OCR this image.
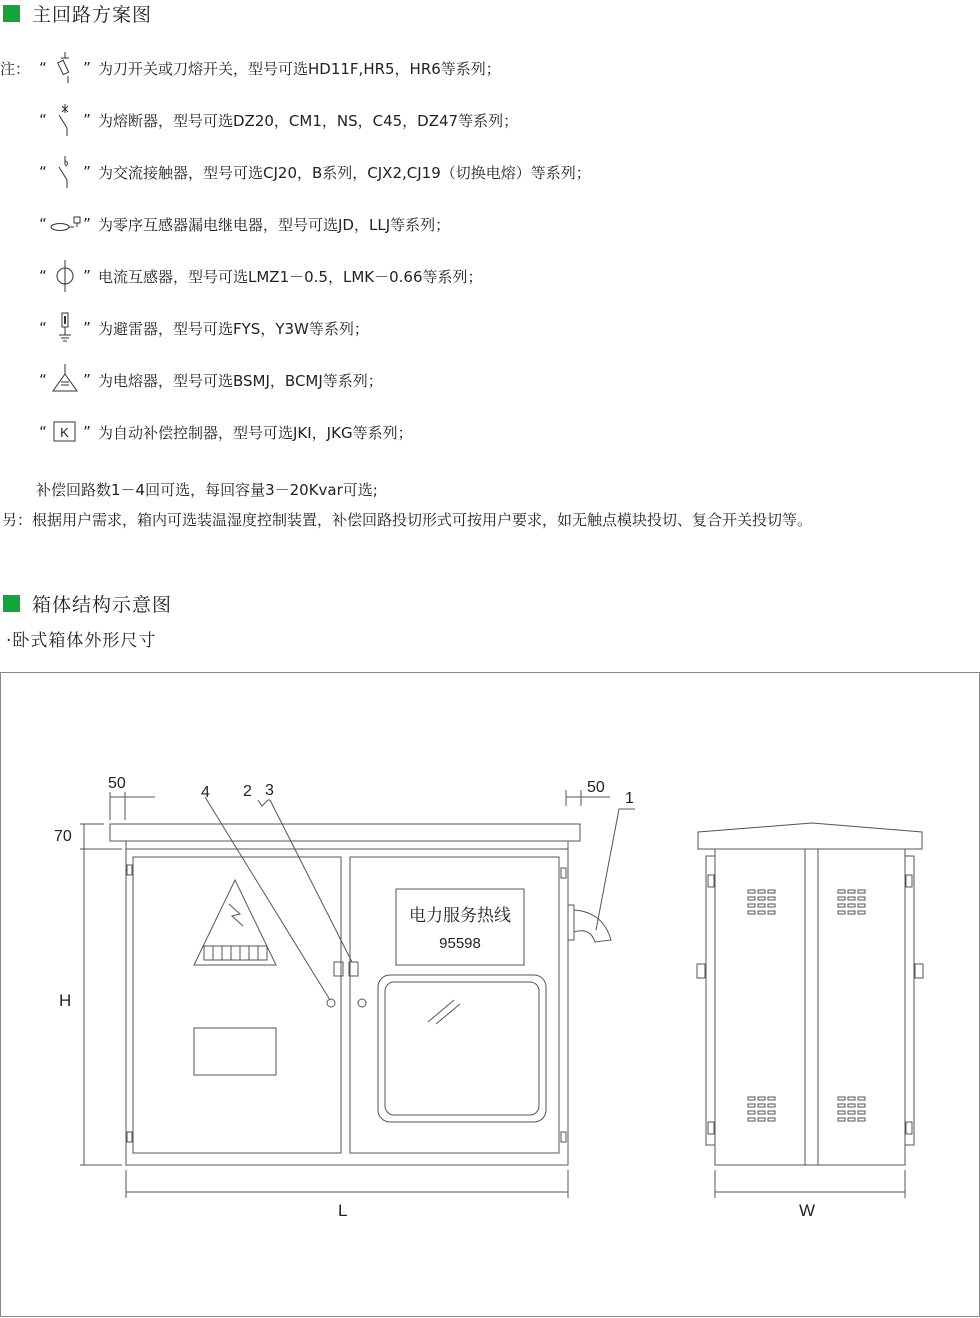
主回路方案图
注： “ ” 为刀开关或刀熔开关，型号可选HD11F,HR5，HR6等系列；
“ ” 为熔断器，型号可选DZ20，CM1，NS，C45，DZ47等系列；
“ ” 为交流接触器，型号可选CJ20，B系列，CJX2,CJ19（切换电熔）等系列；
“ ” 为零序互感器漏电继电器，型号可选JD，LLJ等系列；
“ ” 电流互感器，型号可选LMZ1－0.5，LMK－0.66等系列；
“ ” 为避雷器，型号可选FYS，Y3W等系列；
“ ” 为电熔器，型号可选BSMJ，BCMJ等系列；
“ K ” 为自动补偿控制器，型号可选JKI，JKG等系列；
补偿回路数1－4回可选，每回容量3－20Kvar可选;
另：根据用户需求，箱内可选装温湿度控制装置，补偿回路投切形式可按用户要求，如无触点模块投切、复合开关投切等。
箱体结构示意图
·卧式箱体外形尺寸
50	50
70
H
L	W
1
2 3
4
电力服务热线
95598
